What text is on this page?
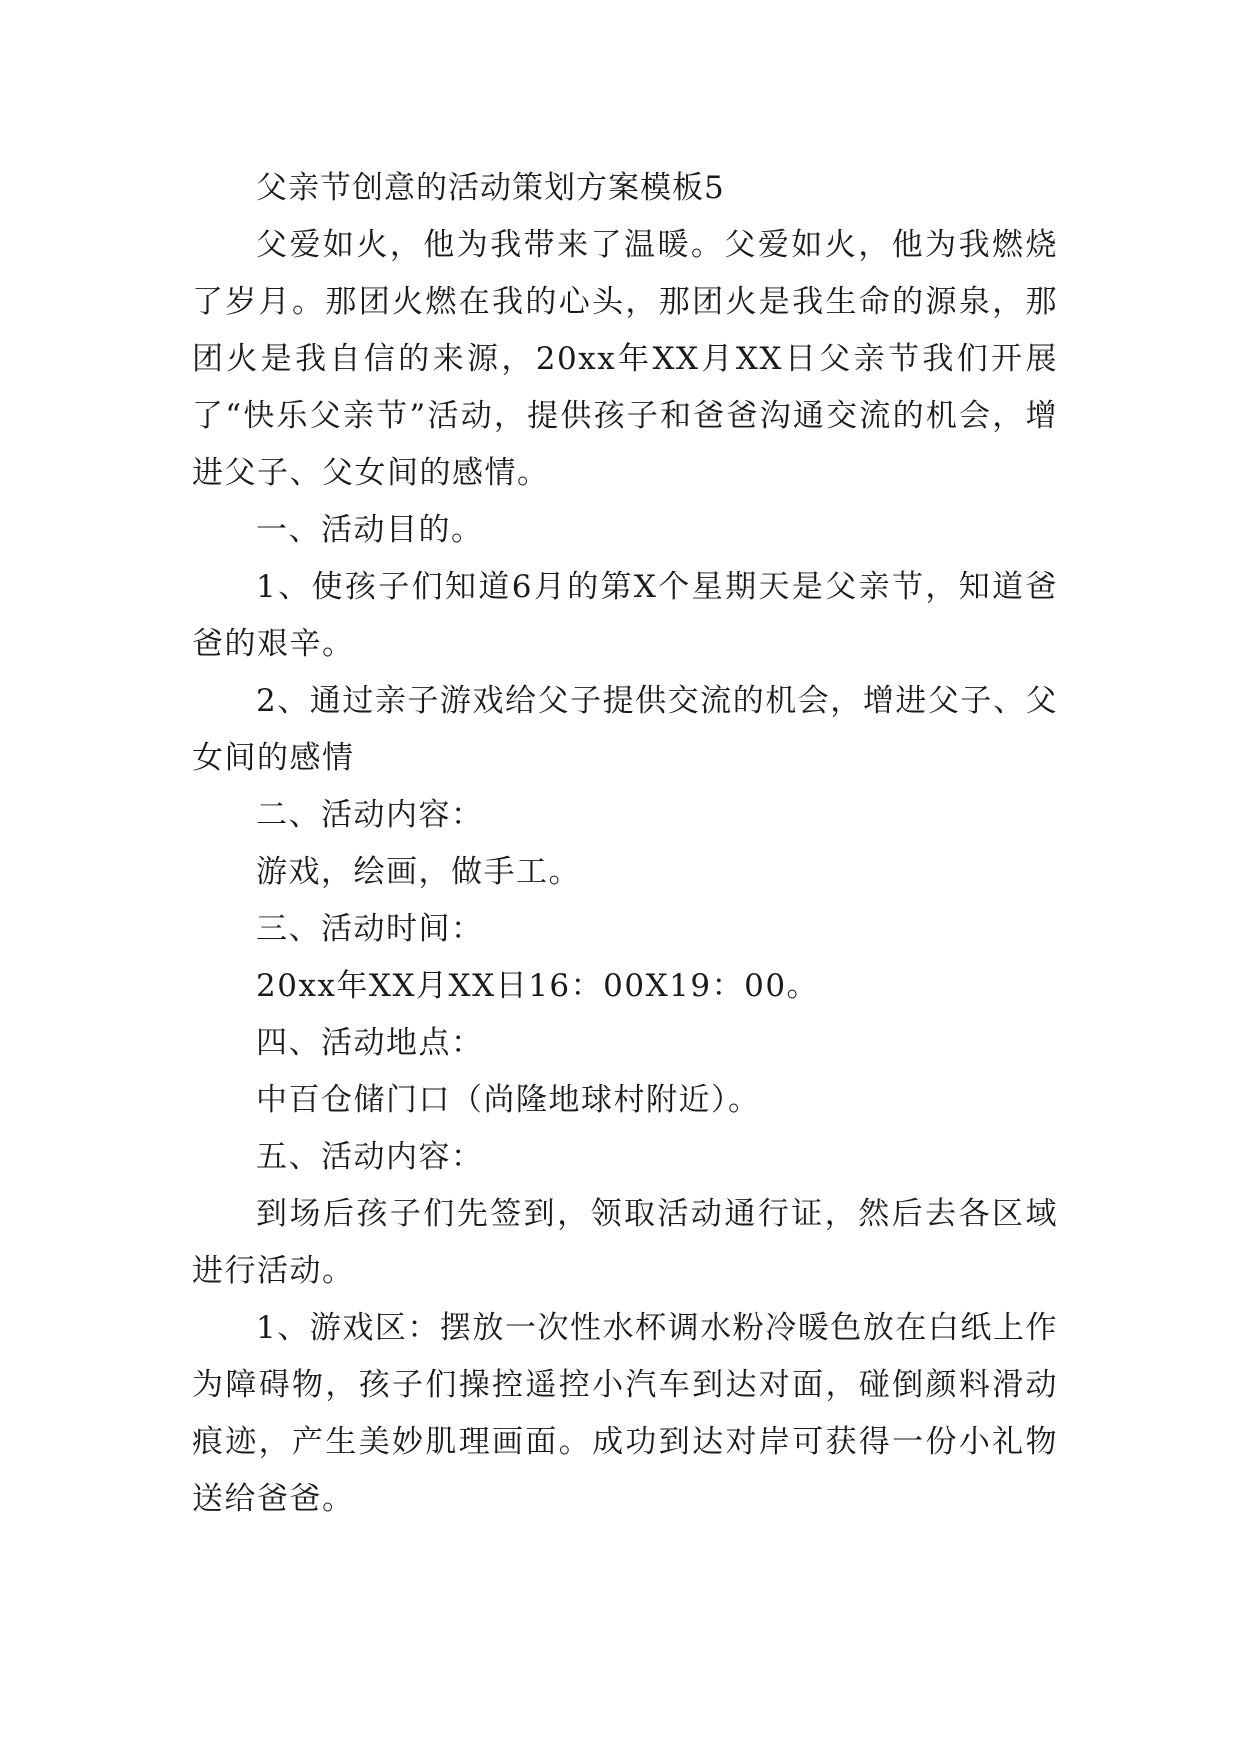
父亲节创意的活动策划方案模板5

父爱如火，他为我带来了温暖。父爱如火，他为我燃烧了岁月。那团火燃在我的心头，那团火是我生命的源泉，那团火是我自信的来源，20xx年XX月XX日父亲节我们开展了“快乐父亲节”活动，提供孩子和爸爸沟通交流的机会，增进父子、父女间的感情。

一、活动目的。

1、使孩子们知道6月的第X个星期天是父亲节，知道爸爸的艰辛。

2、通过亲子游戏给父子提供交流的机会，增进父子、父女间的感情

二、活动内容：

游戏，绘画，做手工。

三、活动时间：

20xx年XX月XX日16：00X19：00。

四、活动地点：

中百仓储门口（尚隆地球村附近）。

五、活动内容：

到场后孩子们先签到，领取活动通行证，然后去各区域进行活动。

1、游戏区：摆放一次性水杯调水粉冷暖色放在白纸上作为障碍物，孩子们操控遥控小汽车到达对面，碰倒颜料滑动痕迹，产生美妙肌理画面。成功到达对岸可获得一份小礼物送给爸爸。
